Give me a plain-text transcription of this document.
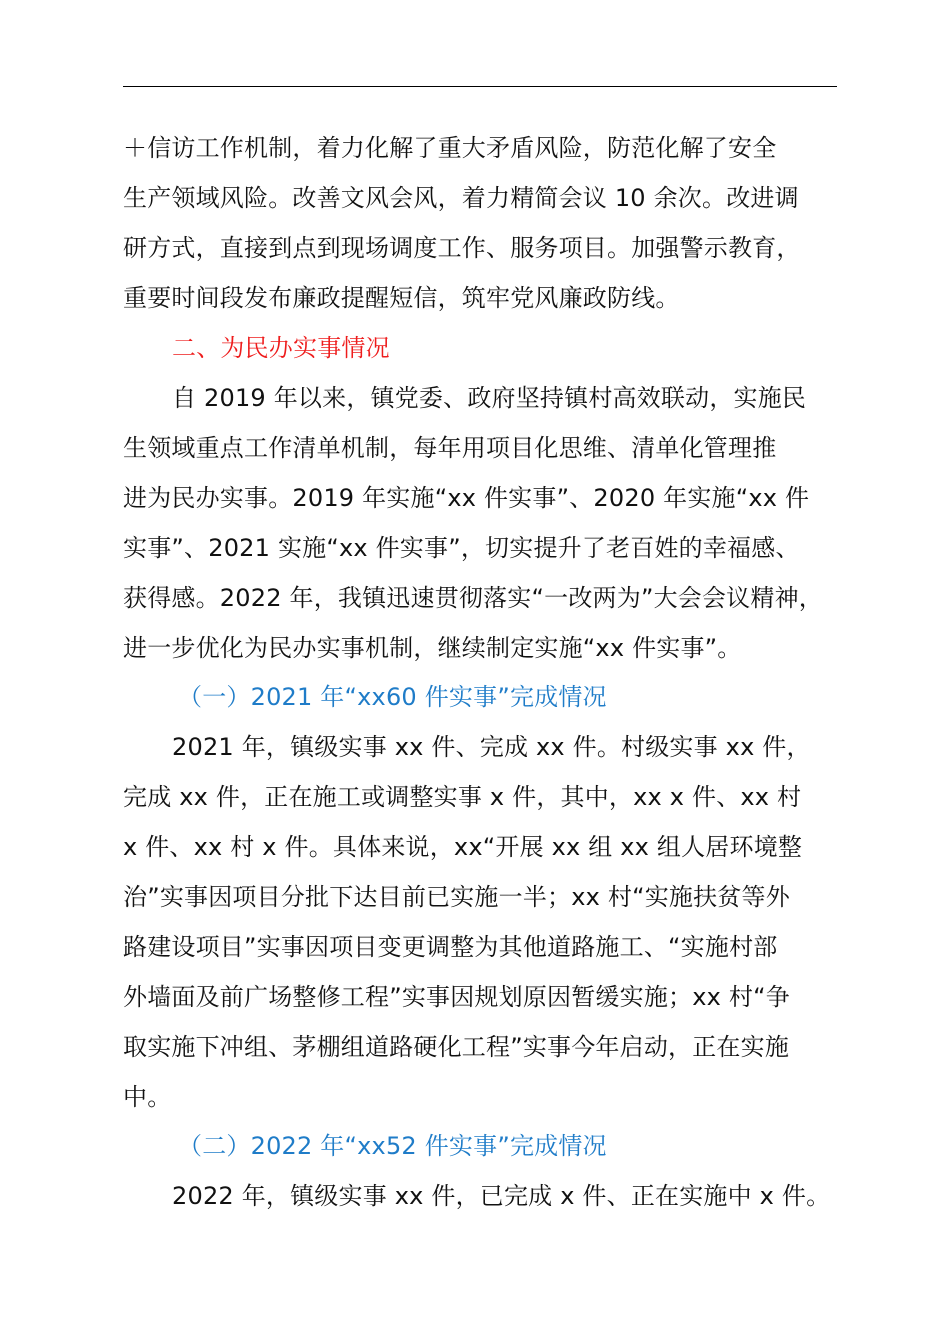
＋信访工作机制，着力化解了重大矛盾风险，防范化解了安全
生产领域风险。改善文风会风，着力精简会议 10 余次。改进调
研方式，直接到点到现场调度工作、服务项目。加强警示教育，
重要时间段发布廉政提醒短信，筑牢党风廉政防线。
二、为民办实事情况
自 2019 年以来，镇党委、政府坚持镇村高效联动，实施民
生领域重点工作清单机制，每年用项目化思维、清单化管理推
进为民办实事。2019 年实施“xx 件实事”、2020 年实施“xx 件
实事”、2021 实施“xx 件实事”，切实提升了老百姓的幸福感、
获得感。2022 年，我镇迅速贯彻落实“一改两为”大会会议精神，
进一步优化为民办实事机制，继续制定实施“xx 件实事”。
（一）2021 年“xx60 件实事”完成情况
2021 年，镇级实事 xx 件、完成 xx 件。村级实事 xx 件，
完成 xx 件，正在施工或调整实事 x 件，其中，xx x 件、xx 村
x 件、xx 村 x 件。具体来说，xx“开展 xx 组 xx 组人居环境整
治”实事因项目分批下达目前已实施一半；xx 村“实施扶贫等外
路建设项目”实事因项目变更调整为其他道路施工、“实施村部
外墙面及前广场整修工程”实事因规划原因暂缓实施；xx 村“争
取实施下冲组、茅棚组道路硬化工程”实事今年启动，正在实施
中。
（二）2022 年“xx52 件实事”完成情况
2022 年，镇级实事 xx 件，已完成 x 件、正在实施中 x 件。
